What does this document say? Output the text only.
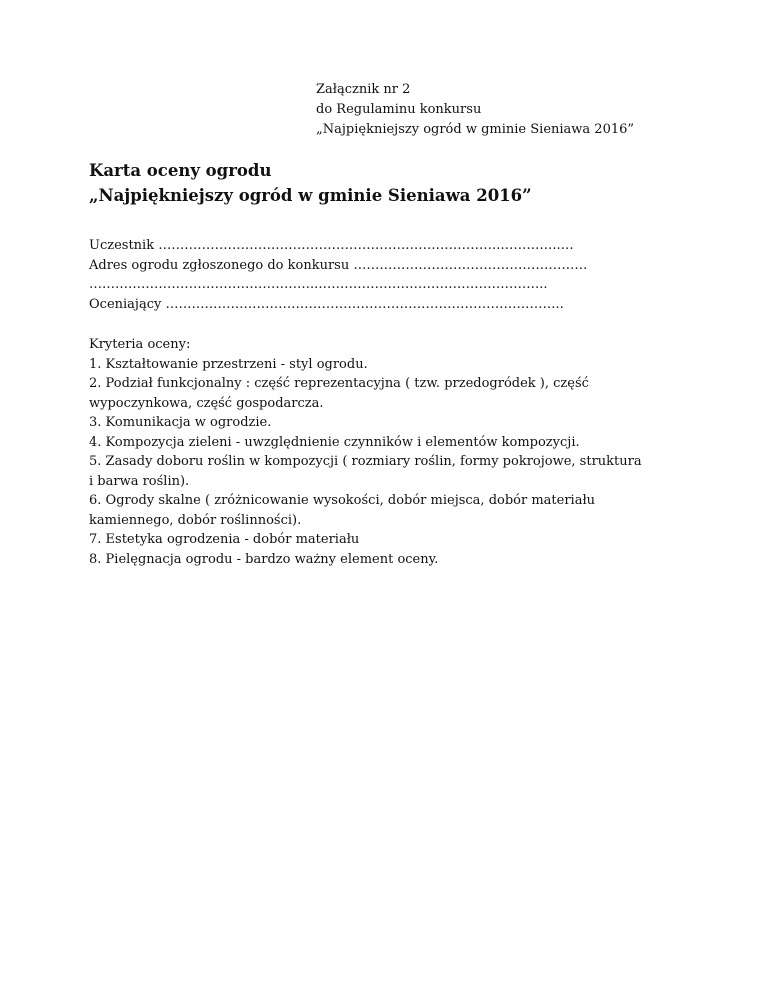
Załącznik nr 2
do Regulaminu konkursu
„Najpiękniejszy ogród w gminie Sieniawa 2016”
Karta oceny ogrodu
„Najpiękniejszy ogród w gminie Sieniawa 2016”
Uczestnik …………………………………………………………………….…………..…
Adres ogrodu zgłoszonego do konkursu ………………………………………………
……………………………………………..……………………………………………..
Oceniający ………………………………………………………………………………..
Kryteria oceny:
1. Kształtowanie przestrzeni - styl ogrodu.
2. Podział funkcjonalny : część reprezentacyjna ( tzw. przedogródek ), część
wypoczynkowa, część gospodarcza.
3. Komunikacja w ogrodzie.
4. Kompozycja zieleni - uwzględnienie czynników i elementów kompozycji.
5. Zasady doboru roślin w kompozycji ( rozmiary roślin, formy pokrojowe, struktura
i barwa roślin).
6. Ogrody skalne ( zróżnicowanie wysokości, dobór miejsca, dobór materiału
kamiennego, dobór roślinności).
7. Estetyka ogrodzenia - dobór materiału
8. Pielęgnacja ogrodu - bardzo ważny element oceny.
